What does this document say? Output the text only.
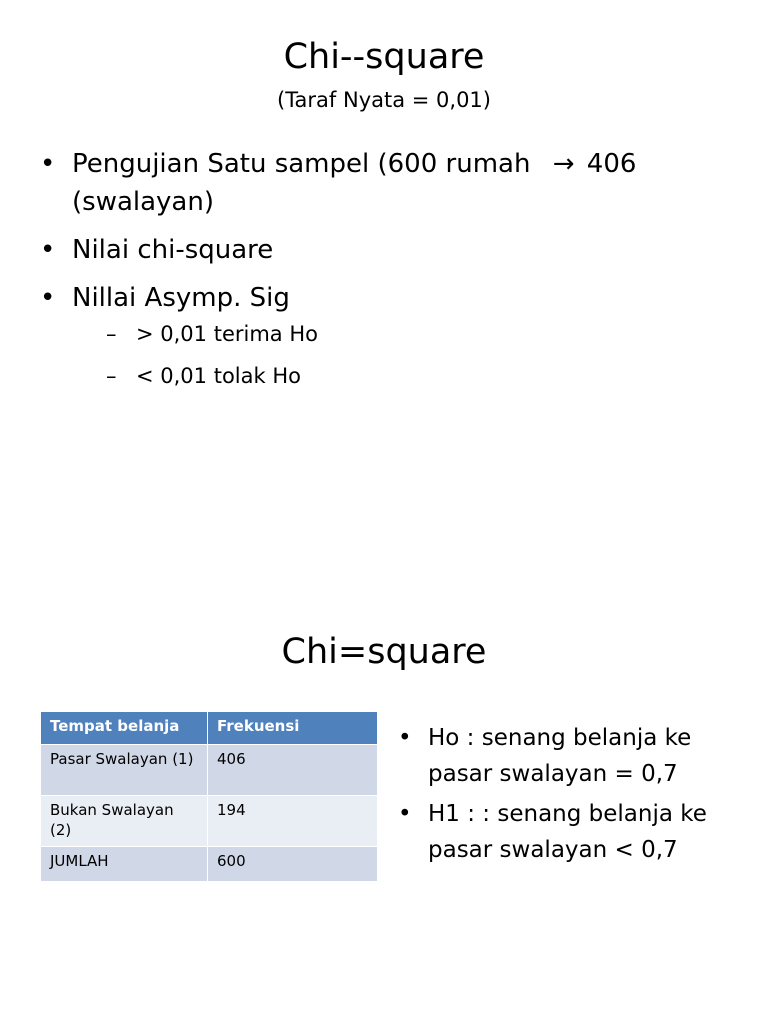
Chi--square
(Taraf Nyata = 0,01)
• Pengujian Satu sampel (600 rumah → 406 (swalayan)
• Nilai chi-square
• Nillai Asymp. Sig
– > 0,01 terima Ho
– < 0,01 tolak Ho
Chi=square
Tempat belanja	Frekuensi
Pasar Swalayan (1)	406
Bukan Swalayan (2)	194
JUMLAH	600
• Ho : senang belanja ke pasar swalayan = 0,7
• H1 : : senang belanja ke pasar swalayan < 0,7
